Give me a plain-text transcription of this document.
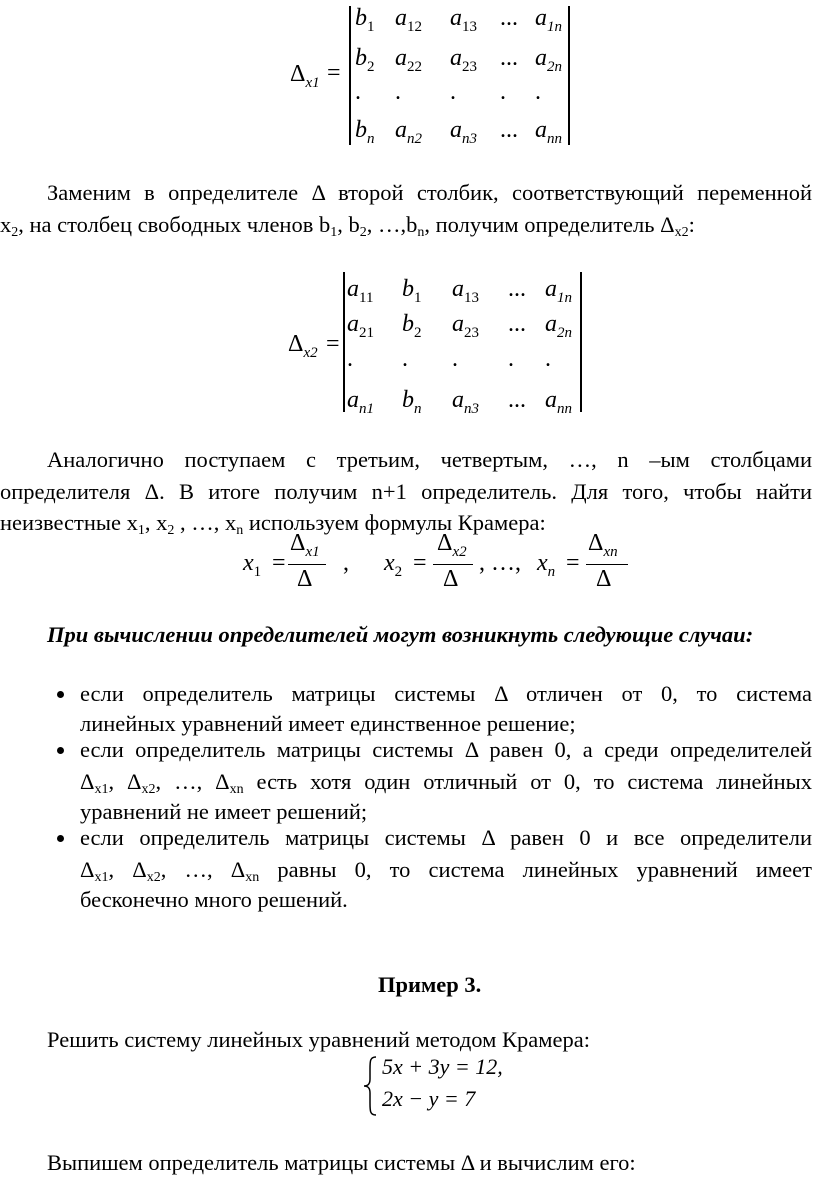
$\Delta_{x1}$ =
$b_1$ $a_{12}$ $a_{13}$ ... $a_{1n}$
$b_2$ $a_{22}$ $a_{23}$ ... $a_{2n}$
. . . . .
$b_n$ $a_{n2}$ $a_{n3}$ ... $a_{nn}$
Заменим в определителе Δ второй столбик, соответствующий переменной
$x_2$, на столбец свободных членов $b_1$, $b_2$, $\dots,b_n$, получим определитель $\Delta_{x2}$:
$\Delta_{x2}$ =
$a_{11}$ $b_1$ $a_{13}$ ... $a_{1n}$
$a_{21}$ $b_2$ $a_{23}$ ... $a_{2n}$
. . . . .
$a_{n1}$ $b_n$ $a_{n3}$ ... $a_{nn}$
Аналогично поступаем с третьим, четвертым, …, n –ым столбцами
определителя Δ. В итоге получим n+1 определитель. Для того, чтобы найти
неизвестные $x_1$, $x_2$ , …, $x_n$ используем формулы Крамера:
$x_1$ =
$\Delta_{x1}$
Δ
, $x_2$ =
$\Delta_{x2}$
Δ
, …, $x_n$ =
$\Delta_{xn}$
Δ
При вычислении определителей могут возникнуть следующие случаи:
если определитель матрицы системы Δ отличен от 0, то система
линейных уравнений имеет единственное решение;
если определитель матрицы системы Δ равен 0, а среди определителей
$\Delta_{x1}$, $\Delta_{x2}$, …, $\Delta_{xn}$ есть хотя один отличный от 0, то система линейных
уравнений не имеет решений;
если определитель матрицы системы Δ равен 0 и все определители
$\Delta_{x1}$, $\Delta_{x2}$, …, $\Delta_{xn}$ равны 0, то система линейных уравнений имеет
бесконечно много решений.
Пример 3.
Решить систему линейных уравнений методом Крамера:
5x + 3y = 12,
2x − y = 7
Выпишем определитель матрицы системы Δ и вычислим его:
